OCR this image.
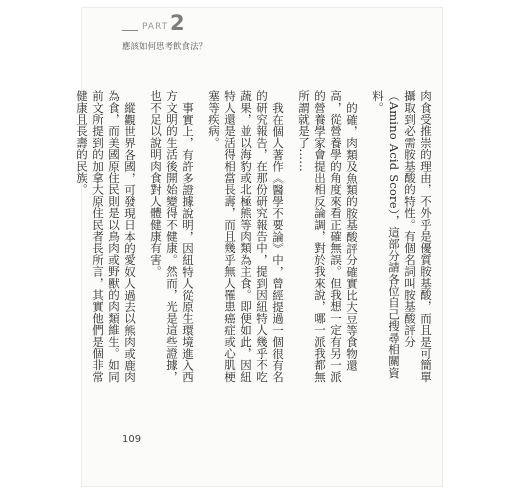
PART 2
應該如何思考飲食法？

肉食受推崇的理由，不外乎是優質胺基酸，而且是可簡單攝取到必需胺基酸的特性。有個名詞叫胺基酸評分（Amino Acid Score），這部分請各位自己搜尋相關資料。

的確，肉類及魚類的胺基酸評分確實比大豆等食物還高，從營養學的角度來看正確無誤。但我想一定有另一派的營養學家會提出相反論調，對於我來說，哪一派我都無所謂就是了……

我在個人著作《醫學不要論》中，曾經提過一個很有名的研究報告，在那份研究報告中，提到因紐特人幾乎不吃蔬果，並以海豹或北極熊等肉類為主食。即便如此，因紐特人還是活得相當長壽，而且幾乎無人罹患癌症或心肌梗塞等疾病。

事實上，有許多證據說明，因紐特人從原生環境進入西方文明的生活後開始變得不健康。然而，光是這些證據，也不足以說明肉食對人體健康有害。

縱觀世界各國，可發現日本的愛奴人過去以熊肉或鹿肉為食，而美國原住民則是以鳥肉或野獸的肉類維生。如同前文所提到的加拿大原住民者長所言，其實他們是個非常健康且長壽的民族。

109
